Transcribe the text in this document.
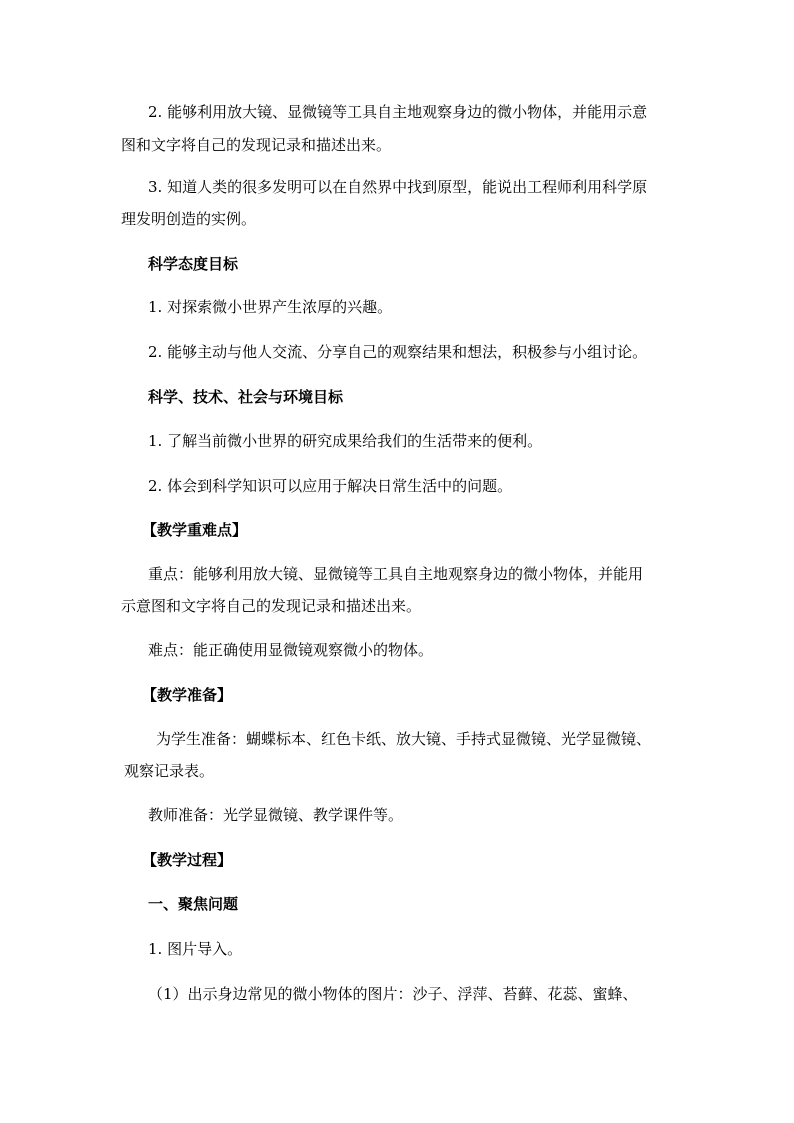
2. 能够利用放大镜、显微镜等工具自主地观察身边的微小物体，并能用示意
图和文字将自己的发现记录和描述出来。
3. 知道人类的很多发明可以在自然界中找到原型，能说出工程师利用科学原
理发明创造的实例。
科学态度目标
1. 对探索微小世界产生浓厚的兴趣。
2. 能够主动与他人交流、分享自己的观察结果和想法，积极参与小组讨论。
科学、技术、社会与环境目标
1. 了解当前微小世界的研究成果给我们的生活带来的便利。
2. 体会到科学知识可以应用于解决日常生活中的问题。
【教学重难点】
重点：能够利用放大镜、显微镜等工具自主地观察身边的微小物体，并能用
示意图和文字将自己的发现记录和描述出来。
难点：能正确使用显微镜观察微小的物体。
【教学准备】
为学生准备：蝴蝶标本、红色卡纸、放大镜、手持式显微镜、光学显微镜、
观察记录表。
教师准备：光学显微镜、教学课件等。
【教学过程】
一、聚焦问题
1. 图片导入。
（1）出示身边常见的微小物体的图片：沙子、浮萍、苔藓、花蕊、蜜蜂、
